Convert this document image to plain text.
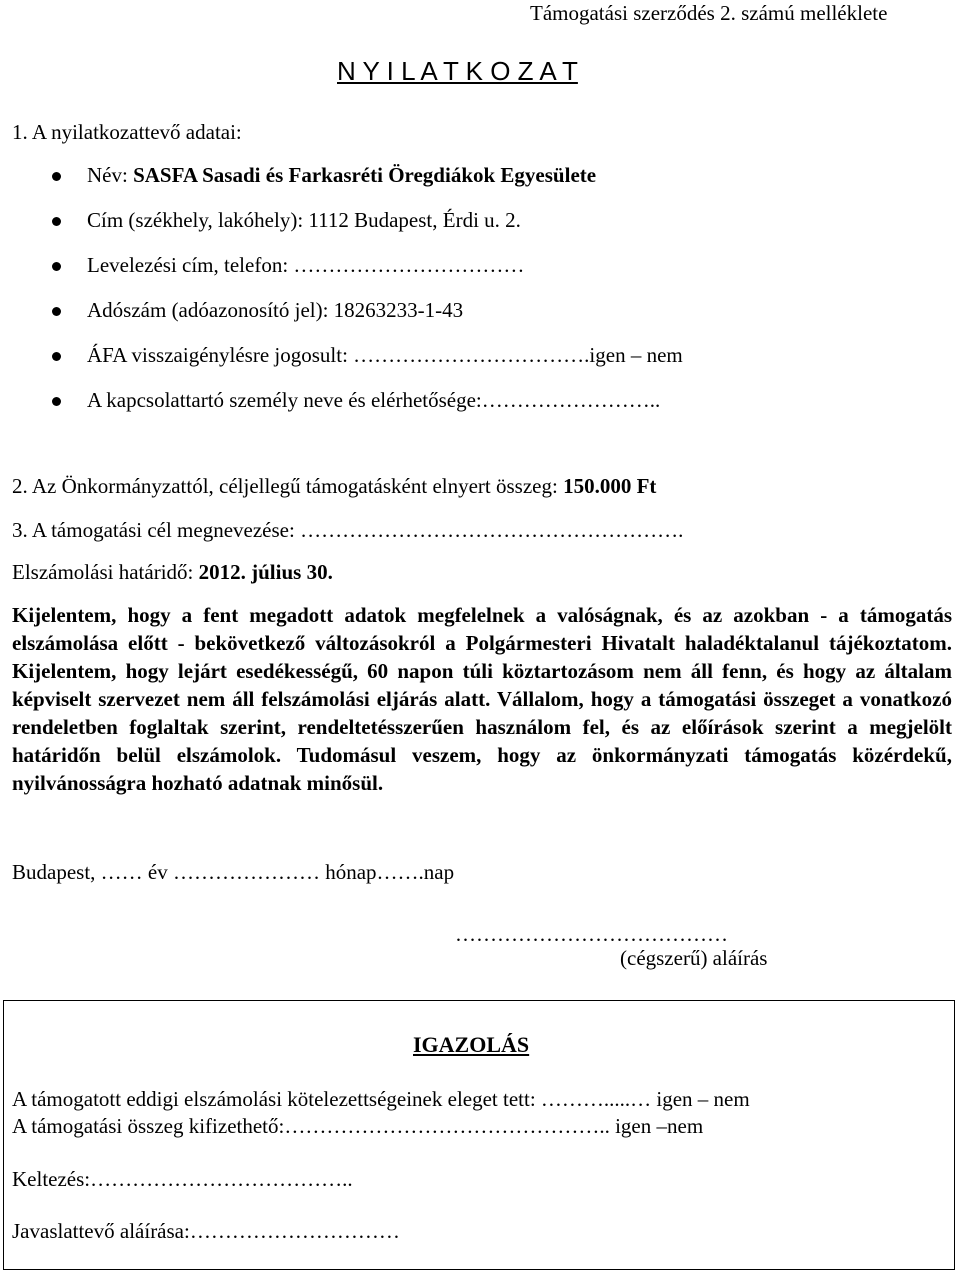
Támogatási szerződés 2. számú melléklete
N Y I L A T K O Z A T
1. A nyilatkozattevő adatai:
Név: SASFA Sasadi és Farkasréti Öregdiákok Egyesülete
Cím (székhely, lakóhely): 1112 Budapest, Érdi u. 2.
Levelezési cím, telefon: ……………………………
Adószám (adóazonosító jel): 18263233-1-43
ÁFA visszaigénylésre jogosult: …………………………….igen – nem
A kapcsolattartó személy neve és elérhetősége:……………………..
2. Az Önkormányzattól, céljellegű támogatásként elnyert összeg: 150.000 Ft
3. A támogatási cél megnevezése: ……………………………………………….
Elszámolási határidő: 2012. július 30.
Kijelentem, hogy a fent megadott adatok megfelelnek a valóságnak, és az azokban - a támogatás elszámolása előtt - bekövetkező változásokról a Polgármesteri Hivatalt haladéktalanul tájékoztatom. Kijelentem, hogy lejárt esedékességű, 60 napon túli köztartozásom nem áll fenn, és hogy az általam képviselt szervezet nem áll felszámolási eljárás alatt. Vállalom, hogy a támogatási összeget a vonatkozó rendeletben foglaltak szerint, rendeltetésszerűen használom fel, és az előírások szerint a megjelölt határidőn belül elszámolok. Tudomásul veszem, hogy az önkormányzati támogatás közérdekű, nyilvánosságra hozható adatnak minősül.
Budapest, …… év ………………… hónap…….nap
…………………………………
(cégszerű) aláírás
IGAZOLÁS
A támogatott eddigi elszámolási kötelezettségeinek eleget tett: ……….....… igen – nem
A támogatási összeg kifizethető:……………………………………….. igen –nem
Keltezés:………………………………..
Javaslattevő aláírása:…………………………
